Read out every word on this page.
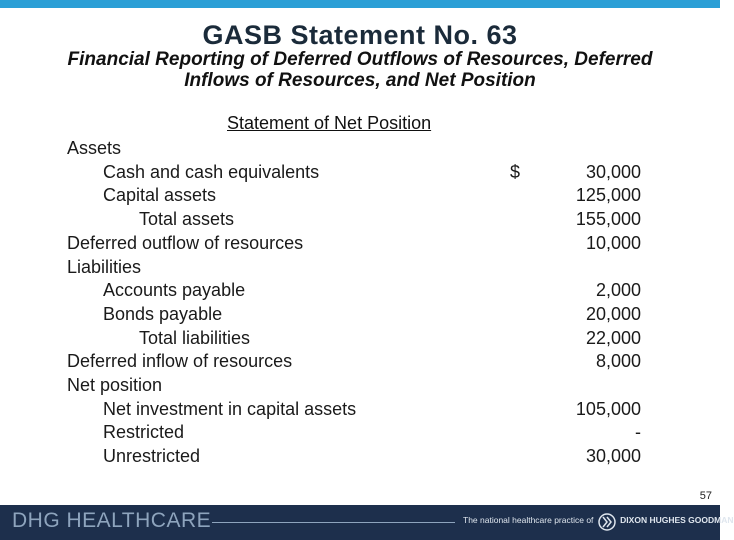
GASB Statement No. 63
Financial Reporting of Deferred Outflows of Resources, Deferred
Inflows of Resources, and Net Position
Statement of Net Position
Assets
Cash and cash equivalents	$	30,000
Capital assets	125,000
Total assets	155,000
Deferred outflow of resources	10,000
Liabilities
Accounts payable	2,000
Bonds payable	20,000
Total liabilities	22,000
Deferred inflow of resources	8,000
Net position
Net investment in capital assets	105,000
Restricted	-
Unrestricted	30,000
57
DHG HEALTHCARE	The national healthcare practice of	DIXON HUGHES GOODMAN
